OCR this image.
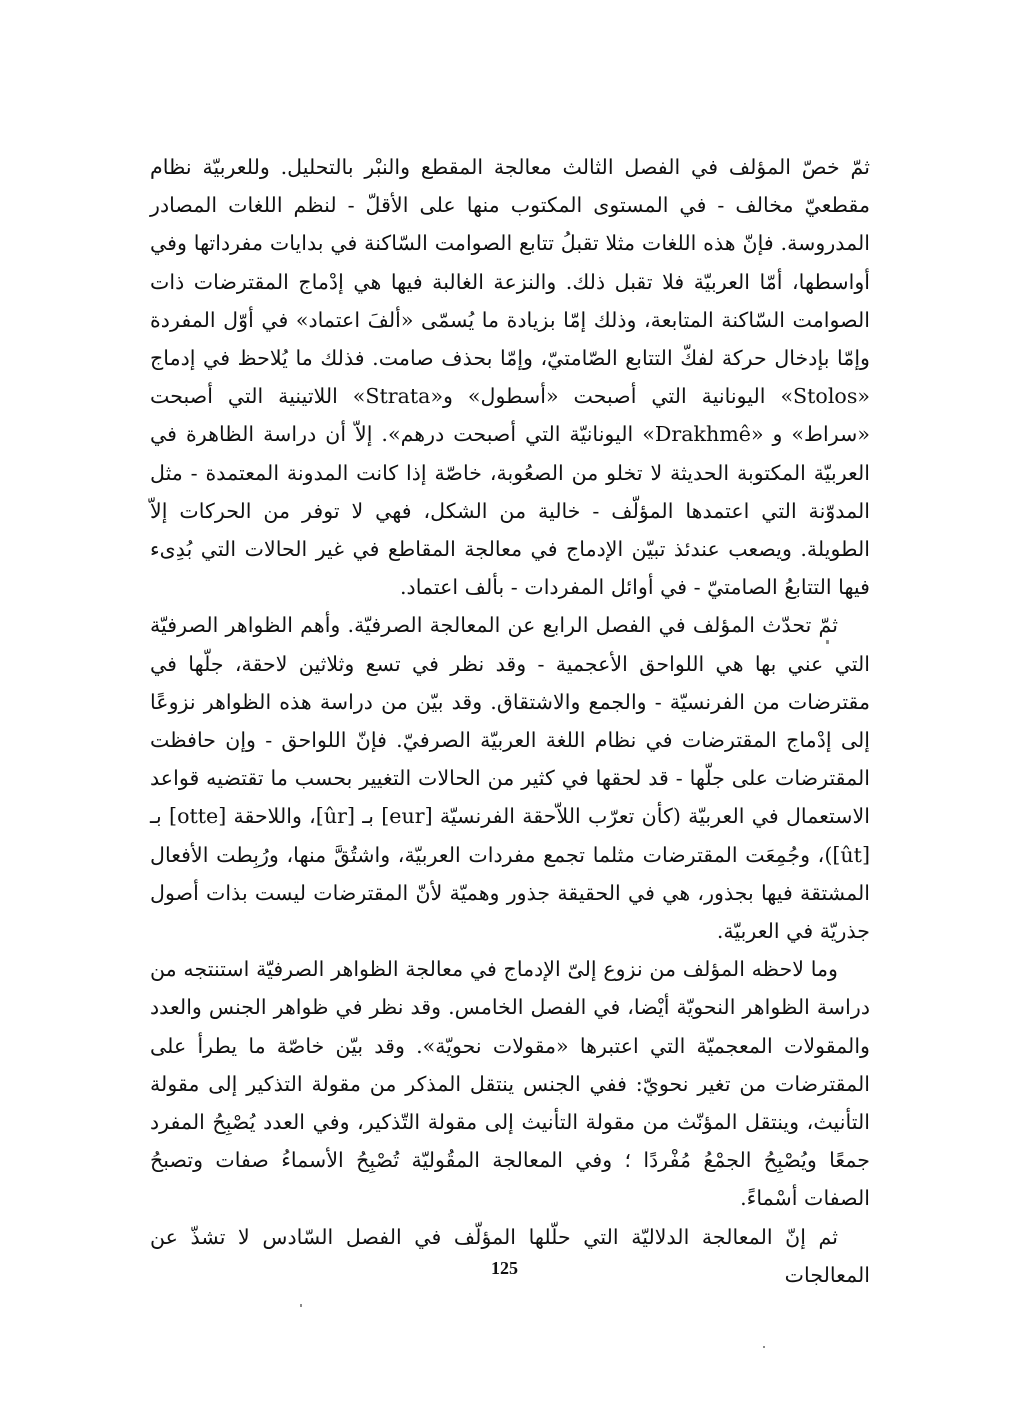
ثمّ خصّ المؤلف في الفصل الثالث معالجة المقطع والنبْر بالتحليل. وللعربيّة نظام مقطعيّ مخالف - في المستوى المكتوب منها على الأقلّ - لنظم اللغات المصادر المدروسة. فإنّ هذه اللغات مثلا تقبلُ تتابع الصوامت السّاكنة في بدايات مفرداتها وفي أواسطها، أمّا العربيّة فلا تقبل ذلك. والنزعة الغالبة فيها هي إدْماج المقترضات ذات الصوامت السّاكنة المتابعة، وذلك إمّا بزيادة ما يُسمّى «ألفَ اعتماد» في أوّل المفردة وإمّا بإدخال حركة لفكّ التتابع الصّامتيّ، وإمّا بحذف صامت. فذلك ما يُلاحظ في إدماج «Stolos» اليونانية التي أصبحت «أسطول» و«Strata» اللاتينية التي أصبحت «سراط» و «Drakhmê» اليونانيّة التي أصبحت درهم». إلاّ أن دراسة الظاهرة في العربيّة المكتوبة الحديثة لا تخلو من الصعُوبة، خاصّة إذا كانت المدونة المعتمدة - مثل المدوّنة التي اعتمدها المؤلّف - خالية من الشكل، فهي لا توفر من الحركات إلاّ الطويلة. ويصعب عندئذ تبيّن الإدماج في معالجة المقاطع في غير الحالات التي بُدِىء فيها التتابعُ الصامتيّ - في أوائل المفردات - بألف اعتماد.

ثمّ تحدّث المؤلف في الفصل الرابع عن المعالجة الصرفيّة. وأهم الظواهر الصرفيّة التي عني بها هي اللواحق الأعجمية - وقد نظر في تسع وثلاثين لاحقة، جلّها في مقترضات من الفرنسيّة - والجمع والاشتقاق. وقد بيّن من دراسة هذه الظواهر نزوعًا إلى إدْماج المقترضات في نظام اللغة العربيّة الصرفيّ. فإنّ اللواحق - وإن حافظت المقترضات على جلّها - قد لحقها في كثير من الحالات التغيير بحسب ما تقتضيه قواعد الاستعمال في العربيّة (كأن تعرّب اللاّحقة الفرنسيّة [eur] بـ [ûr]، واللاحقة [otte] بـ [ût])، وجُمِعَت المقترضات مثلما تجمع مفردات العربيّة، واشتُقَّ منها، ورُبِطت الأفعال المشتقة فيها بجذور، هي في الحقيقة جذور وهميّة لأنّ المقترضات ليست بذات أصول جذريّة في العربيّة.

وما لاحظه المؤلف من نزوع إلىّ الإدماج في معالجة الظواهر الصرفيّة استنتجه من دراسة الظواهر النحويّة أيْضا، في الفصل الخامس. وقد نظر في ظواهر الجنس والعدد والمقولات المعجميّة التي اعتبرها «مقولات نحويّة». وقد بيّن خاصّة ما يطرأ على المقترضات من تغير نحويّ: ففي الجنس ينتقل المذكر من مقولة التذكير إلى مقولة التأنيث، وينتقل المؤنّث من مقولة التأنيث إلى مقولة التّذكير، وفي العدد يُصْبِحُ المفرد جمعًا ويُصْبِحُ الجمْعُ مُفْردًا ؛ وفي المعالجة المقُوليّة تُصْبِحُ الأسماءُ صفات وتصبحُ الصفات أسْماءً.

ثم إنّ المعالجة الدلاليّة التي حلّلها المؤلّف في الفصل السّادس لا تشذّ عن المعالجات

125
